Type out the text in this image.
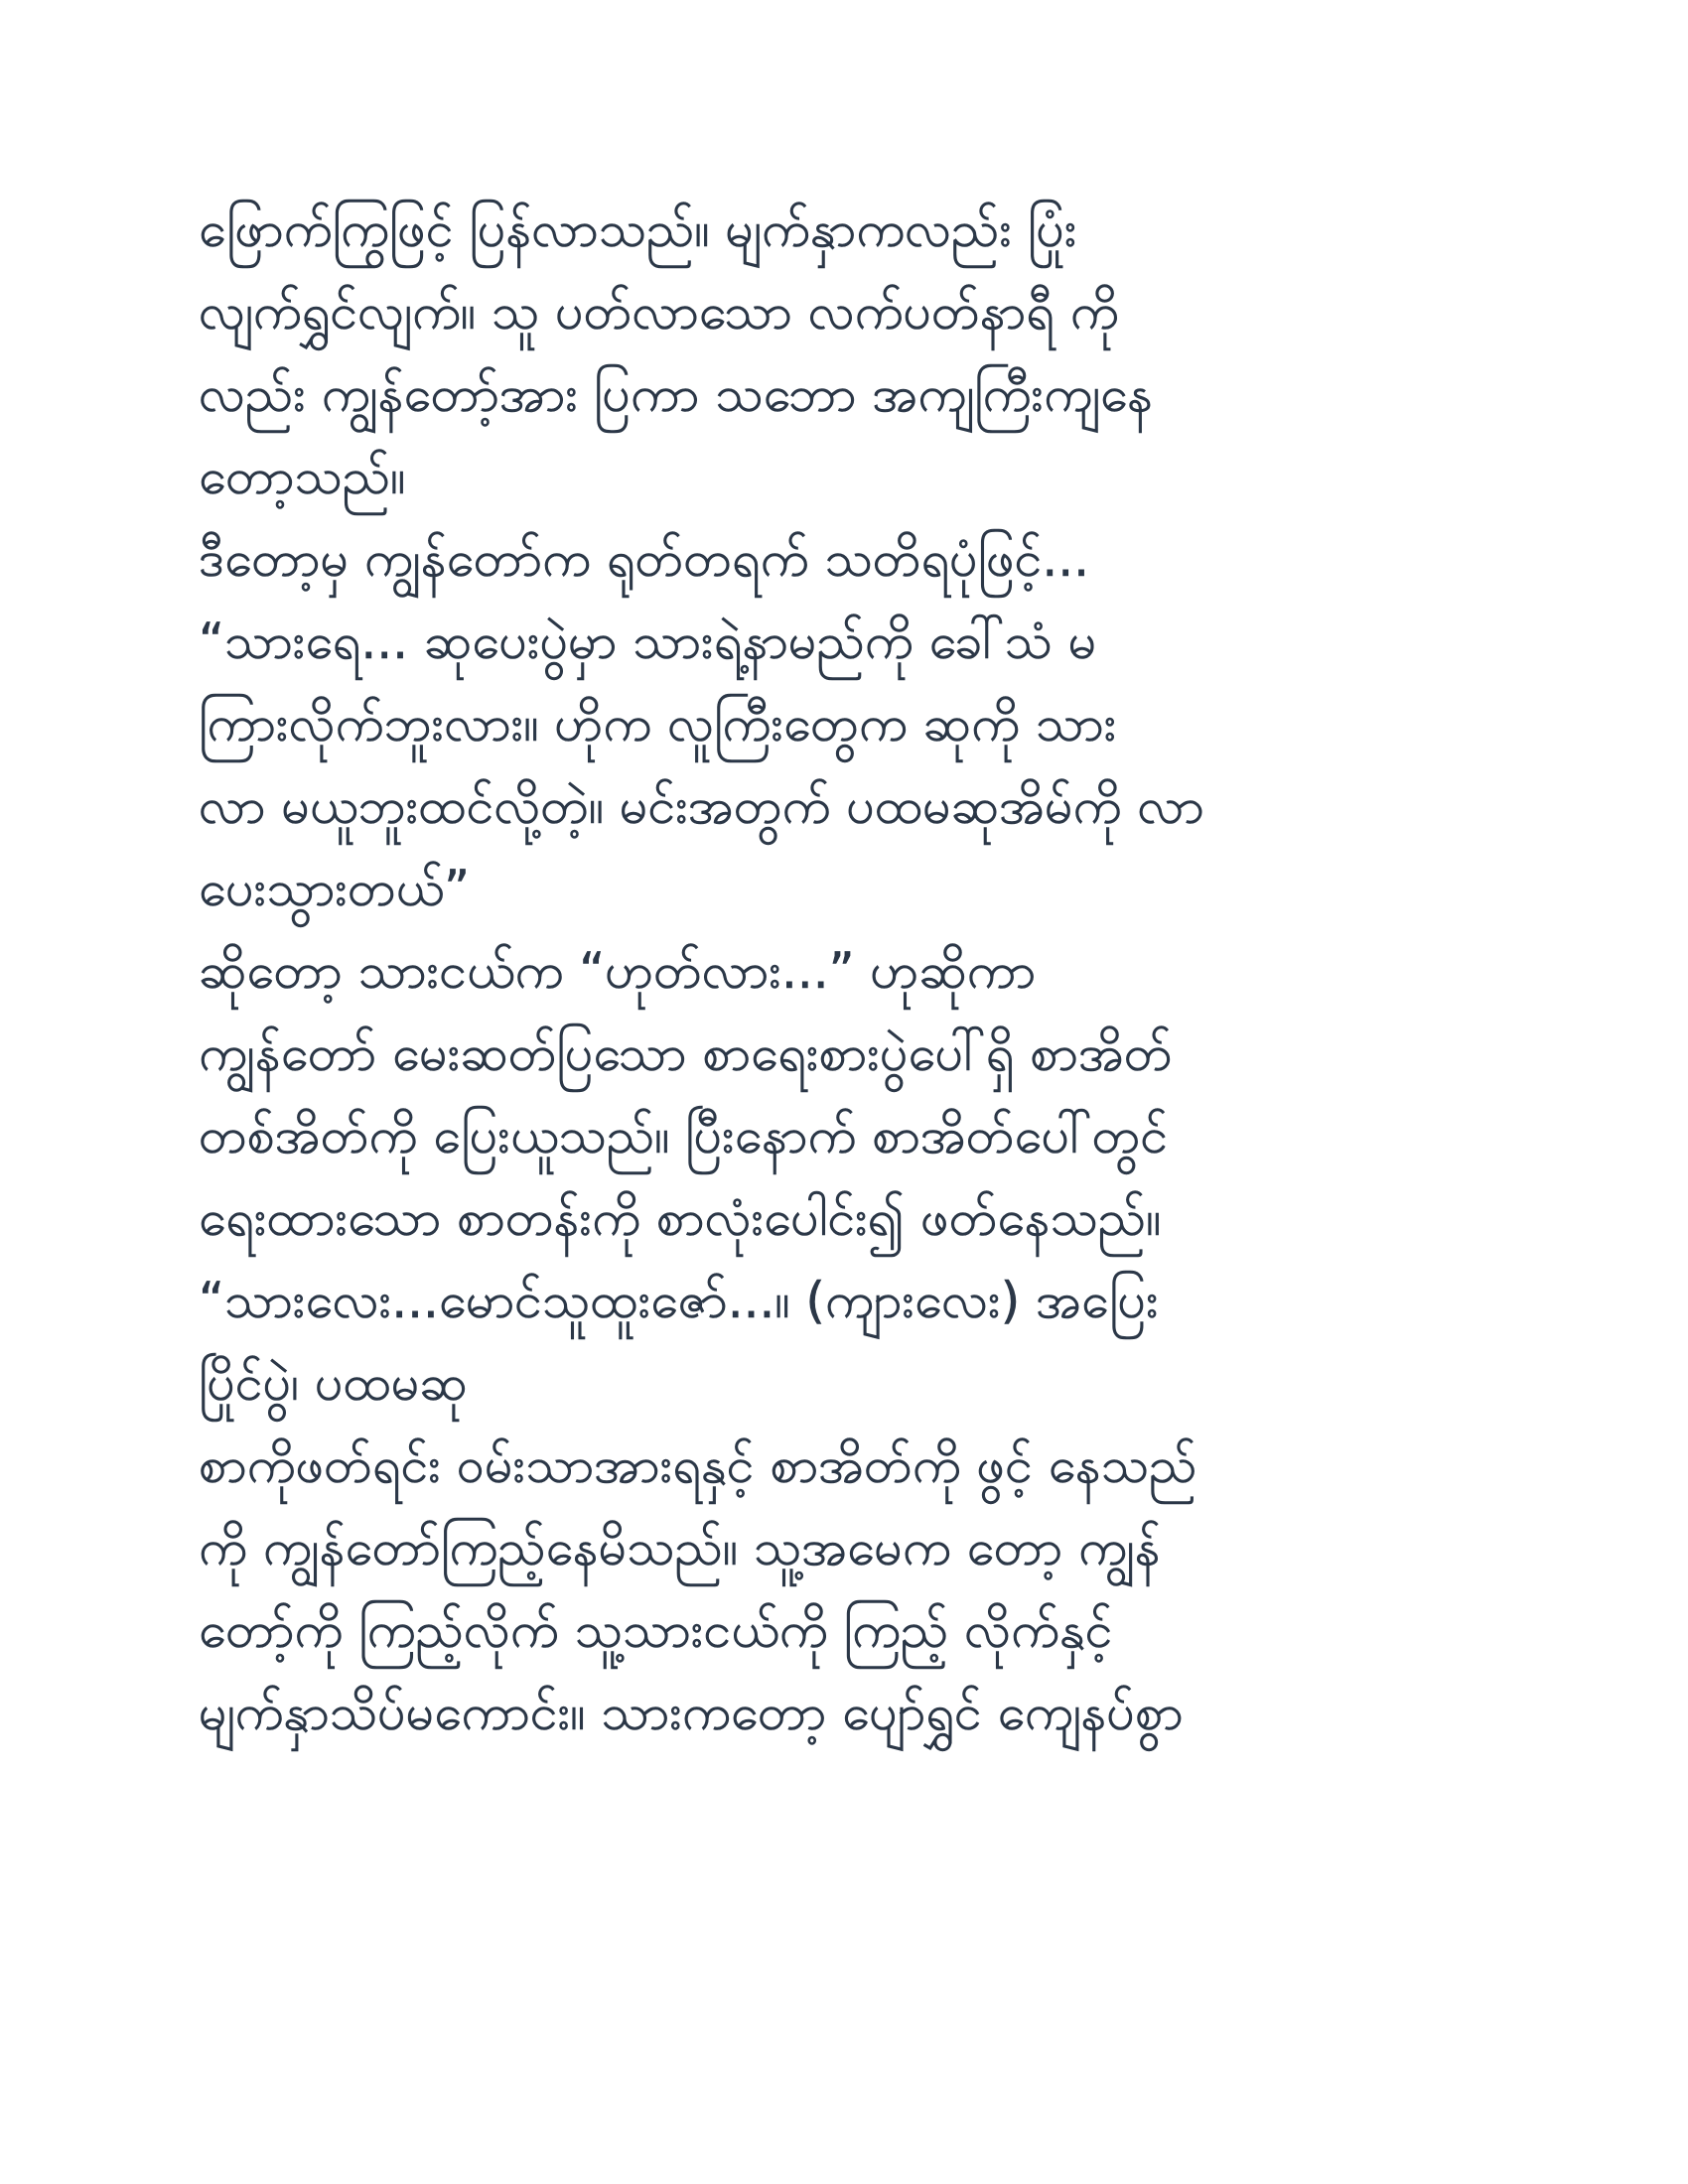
ဖြောက်ကြွဖြင့် ပြန်လာသည်။ မျက်နှာကလည်း ပြုံး
လျက်ရွှင်လျက်။ သူ ပတ်လာသော လက်ပတ်နာရီ ကို
လည်း ကျွန်တော့်အား ပြကာ သဘော အကျကြီးကျနေ
တော့သည်။
ဒီတော့မှ ကျွန်တော်က ရုတ်တရက် သတိရပုံဖြင့်...
“သားရေ... ဆုပေးပွဲမှာ သားရဲ့နာမည်ကို ခေါ်သံ မ
ကြားလိုက်ဘူးလား။ ဟိုက လူကြီးတွေက ဆုကို သား
လာ မယူဘူးထင်လို့တဲ့။ မင်းအတွက် ပထမဆုအိမ်ကို လာ
ပေးသွားတယ်”
ဆိုတော့ သားငယ်က “ဟုတ်လား...” ဟုဆိုကာ
ကျွန်တော် မေးဆတ်ပြသော စာရေးစားပွဲပေါ်ရှိ စာအိတ်
တစ်အိတ်ကို ပြေးယူသည်။ ပြီးနောက် စာအိတ်ပေါ်တွင်
ရေးထားသော စာတန်းကို စာလုံးပေါင်း၍ ဖတ်နေသည်။
“သားလေး...မောင်သူထူးဇော်...။ (ကျားလေး) အပြေး
ပြိုင်ပွဲ၊ ပထမဆု
စာကိုဖတ်ရင်း ဝမ်းသာအားရနှင့် စာအိတ်ကို ဖွင့် နေသည်
ကို ကျွန်တော်ကြည့်နေမိသည်။ သူ့အမေက တော့ ကျွန်
တော့်ကို ကြည့်လိုက် သူ့သားငယ်ကို ကြည့် လိုက်နှင့်
မျက်နှာသိပ်မကောင်း။ သားကတော့ ပျော်ရွှင် ကျေနပ်စွာ
